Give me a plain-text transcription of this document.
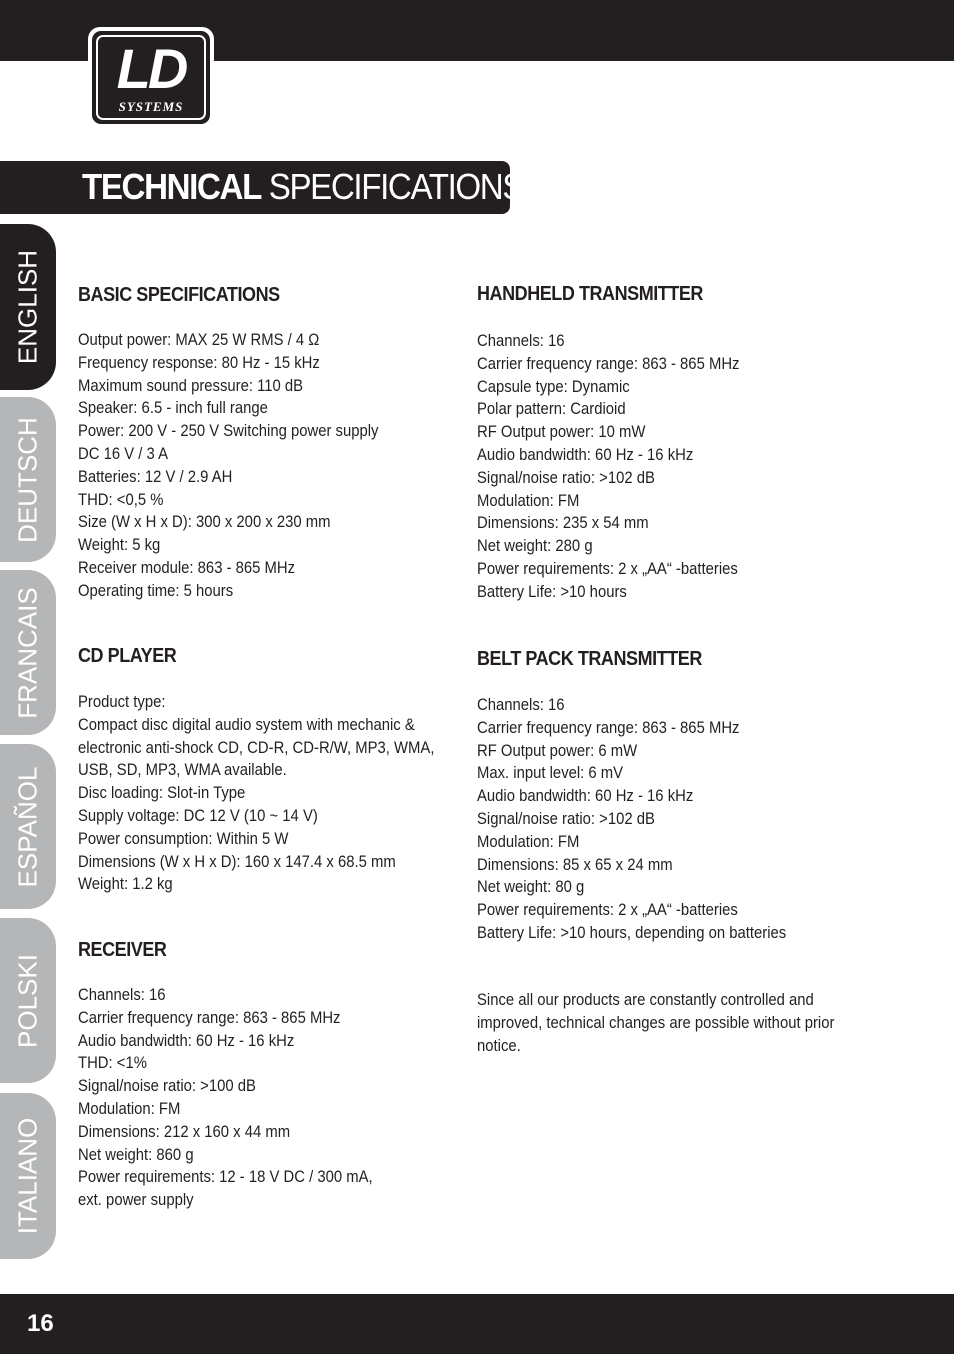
LD
SYSTEMS
TECHNICAL SPECIFICATIONS:
ENGLISH
DEUTSCH
FRANCAIS
ESPAÑOL
POLSKI
ITALIANO
BASIC SPECIFICATIONS
Output power: MAX 25 W RMS / 4 Ω
Frequency response: 80 Hz - 15 kHz
Maximum sound pressure: 110 dB
Speaker: 6.5 - inch full range
Power: 200 V - 250 V Switching power supply
DC 16 V / 3 A
Batteries: 12 V / 2.9 AH
THD: <0,5 %
Size (W x H x D): 300 x 200 x 230 mm
Weight: 5 kg
Receiver module: 863 - 865 MHz
Operating time: 5 hours
CD PLAYER
Product type:
Compact disc digital audio system with mechanic &
electronic anti-shock CD, CD-R, CD-R/W, MP3, WMA,
USB, SD, MP3, WMA available.
Disc loading: Slot-in Type
Supply voltage: DC 12 V (10 ~ 14 V)
Power consumption: Within 5 W
Dimensions (W x H x D): 160 x 147.4 x 68.5 mm
Weight: 1.2 kg
RECEIVER
Channels: 16
Carrier frequency range: 863 - 865 MHz
Audio bandwidth: 60 Hz - 16 kHz
THD: <1%
Signal/noise ratio: >100 dB
Modulation: FM
Dimensions: 212 x 160 x 44 mm
Net weight: 860 g
Power requirements: 12 - 18 V DC / 300 mA,
ext. power supply
HANDHELD TRANSMITTER
Channels: 16
Carrier frequency range: 863 - 865 MHz
Capsule type: Dynamic
Polar pattern: Cardioid
RF Output power: 10 mW
Audio bandwidth: 60 Hz - 16 kHz
Signal/noise ratio: >102 dB
Modulation: FM
Dimensions: 235 x 54 mm
Net weight: 280 g
Power requirements: 2 x „AA“ -batteries
Battery Life: >10 hours
BELT PACK TRANSMITTER
Channels: 16
Carrier frequency range: 863 - 865 MHz
RF Output power: 6 mW
Max. input level: 6 mV
Audio bandwidth: 60 Hz - 16 kHz
Signal/noise ratio: >102 dB
Modulation: FM
Dimensions: 85 x 65 x 24 mm
Net weight: 80 g
Power requirements: 2 x „AA“ -batteries
Battery Life: >10 hours, depending on batteries
Since all our products are constantly controlled and
improved, technical changes are possible without prior
notice.
16
